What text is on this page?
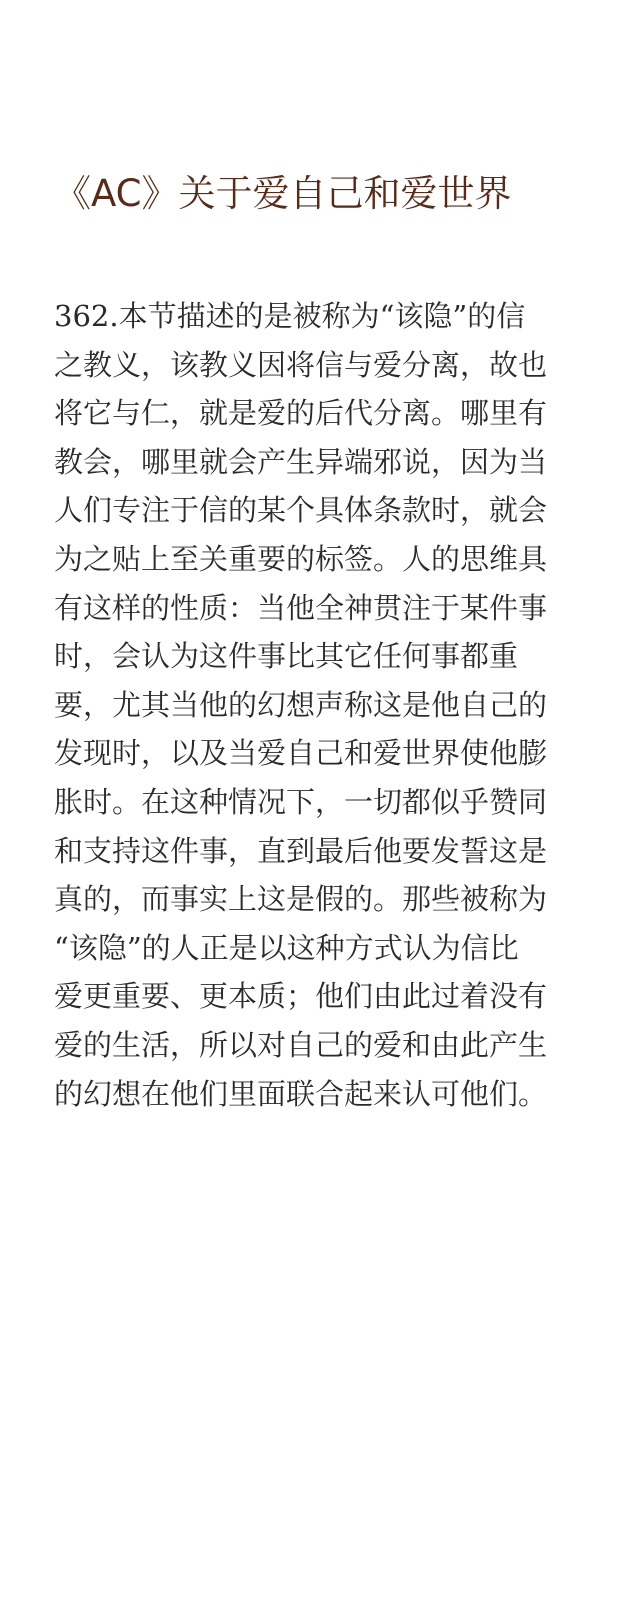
《AC》关于爱自己和爱世界
362.本节描述的是被称为“该隐”的信
之教义，该教义因将信与爱分离，故也
将它与仁，就是爱的后代分离。哪里有
教会，哪里就会产生异端邪说，因为当
人们专注于信的某个具体条款时，就会
为之贴上至关重要的标签。人的思维具
有这样的性质：当他全神贯注于某件事
时，会认为这件事比其它任何事都重
要，尤其当他的幻想声称这是他自己的
发现时，以及当爱自己和爱世界使他膨
胀时。在这种情况下，一切都似乎赞同
和支持这件事，直到最后他要发誓这是
真的，而事实上这是假的。那些被称为
“该隐”的人正是以这种方式认为信比
爱更重要、更本质；他们由此过着没有
爱的生活，所以对自己的爱和由此产生
的幻想在他们里面联合起来认可他们。
